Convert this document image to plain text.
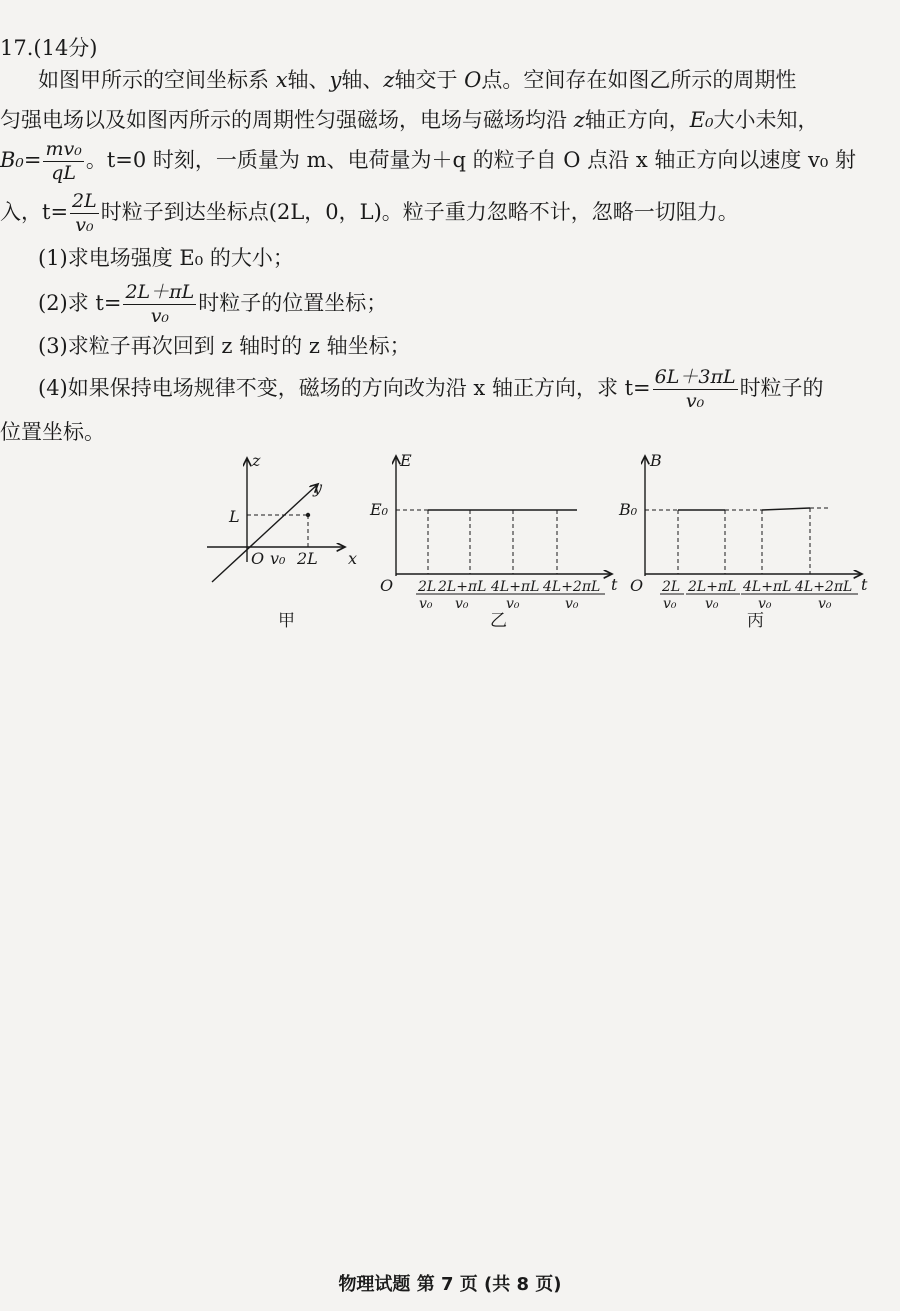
17.(14分)
如图甲所示的空间坐标系 x轴、y轴、z轴交于 O点。空间存在如图乙所示的周期性
匀强电场以及如图丙所示的周期性匀强磁场，电场与磁场均沿 z轴正方向，E₀大小未知，
$B_0= \frac{\text{mv₀}}{qL}$ 。t=0 时刻，一质量为 m、电荷量为＋q 的粒子自 O 点沿 x 轴正方向以速度 v₀ 射
入，$t= \frac{2L}{\text{v₀}}$ 时粒子到达坐标点(2L，0，L)。粒子重力忽略不计，忽略一切阻力。
(1)求电场强度 E₀ 的大小；
(2)求 $t= \frac{2L+\pi L}{\text{v₀}}$ 时粒子的位置坐标；
(3)求粒子再次回到 z 轴时的 z 轴坐标；
(4)如果保持电场规律不变，磁场的方向改为沿 x 轴正方向，求 $t= \frac{6L+3\pi L}{\text{v₀}}$ 时粒子的
位置坐标。
z
y
x
L
O v₀ 2L
甲
E
E₀
O	t
2L
v₀
2L+πL
v₀
4L+πL
v₀
4L+2πL
v₀
乙
B
B₀
O	t
2L
v₀
2L+πL
v₀
4L+πL
v₀
4L+2πL
v₀
丙
物理试题 第 7 页 (共 8 页)
